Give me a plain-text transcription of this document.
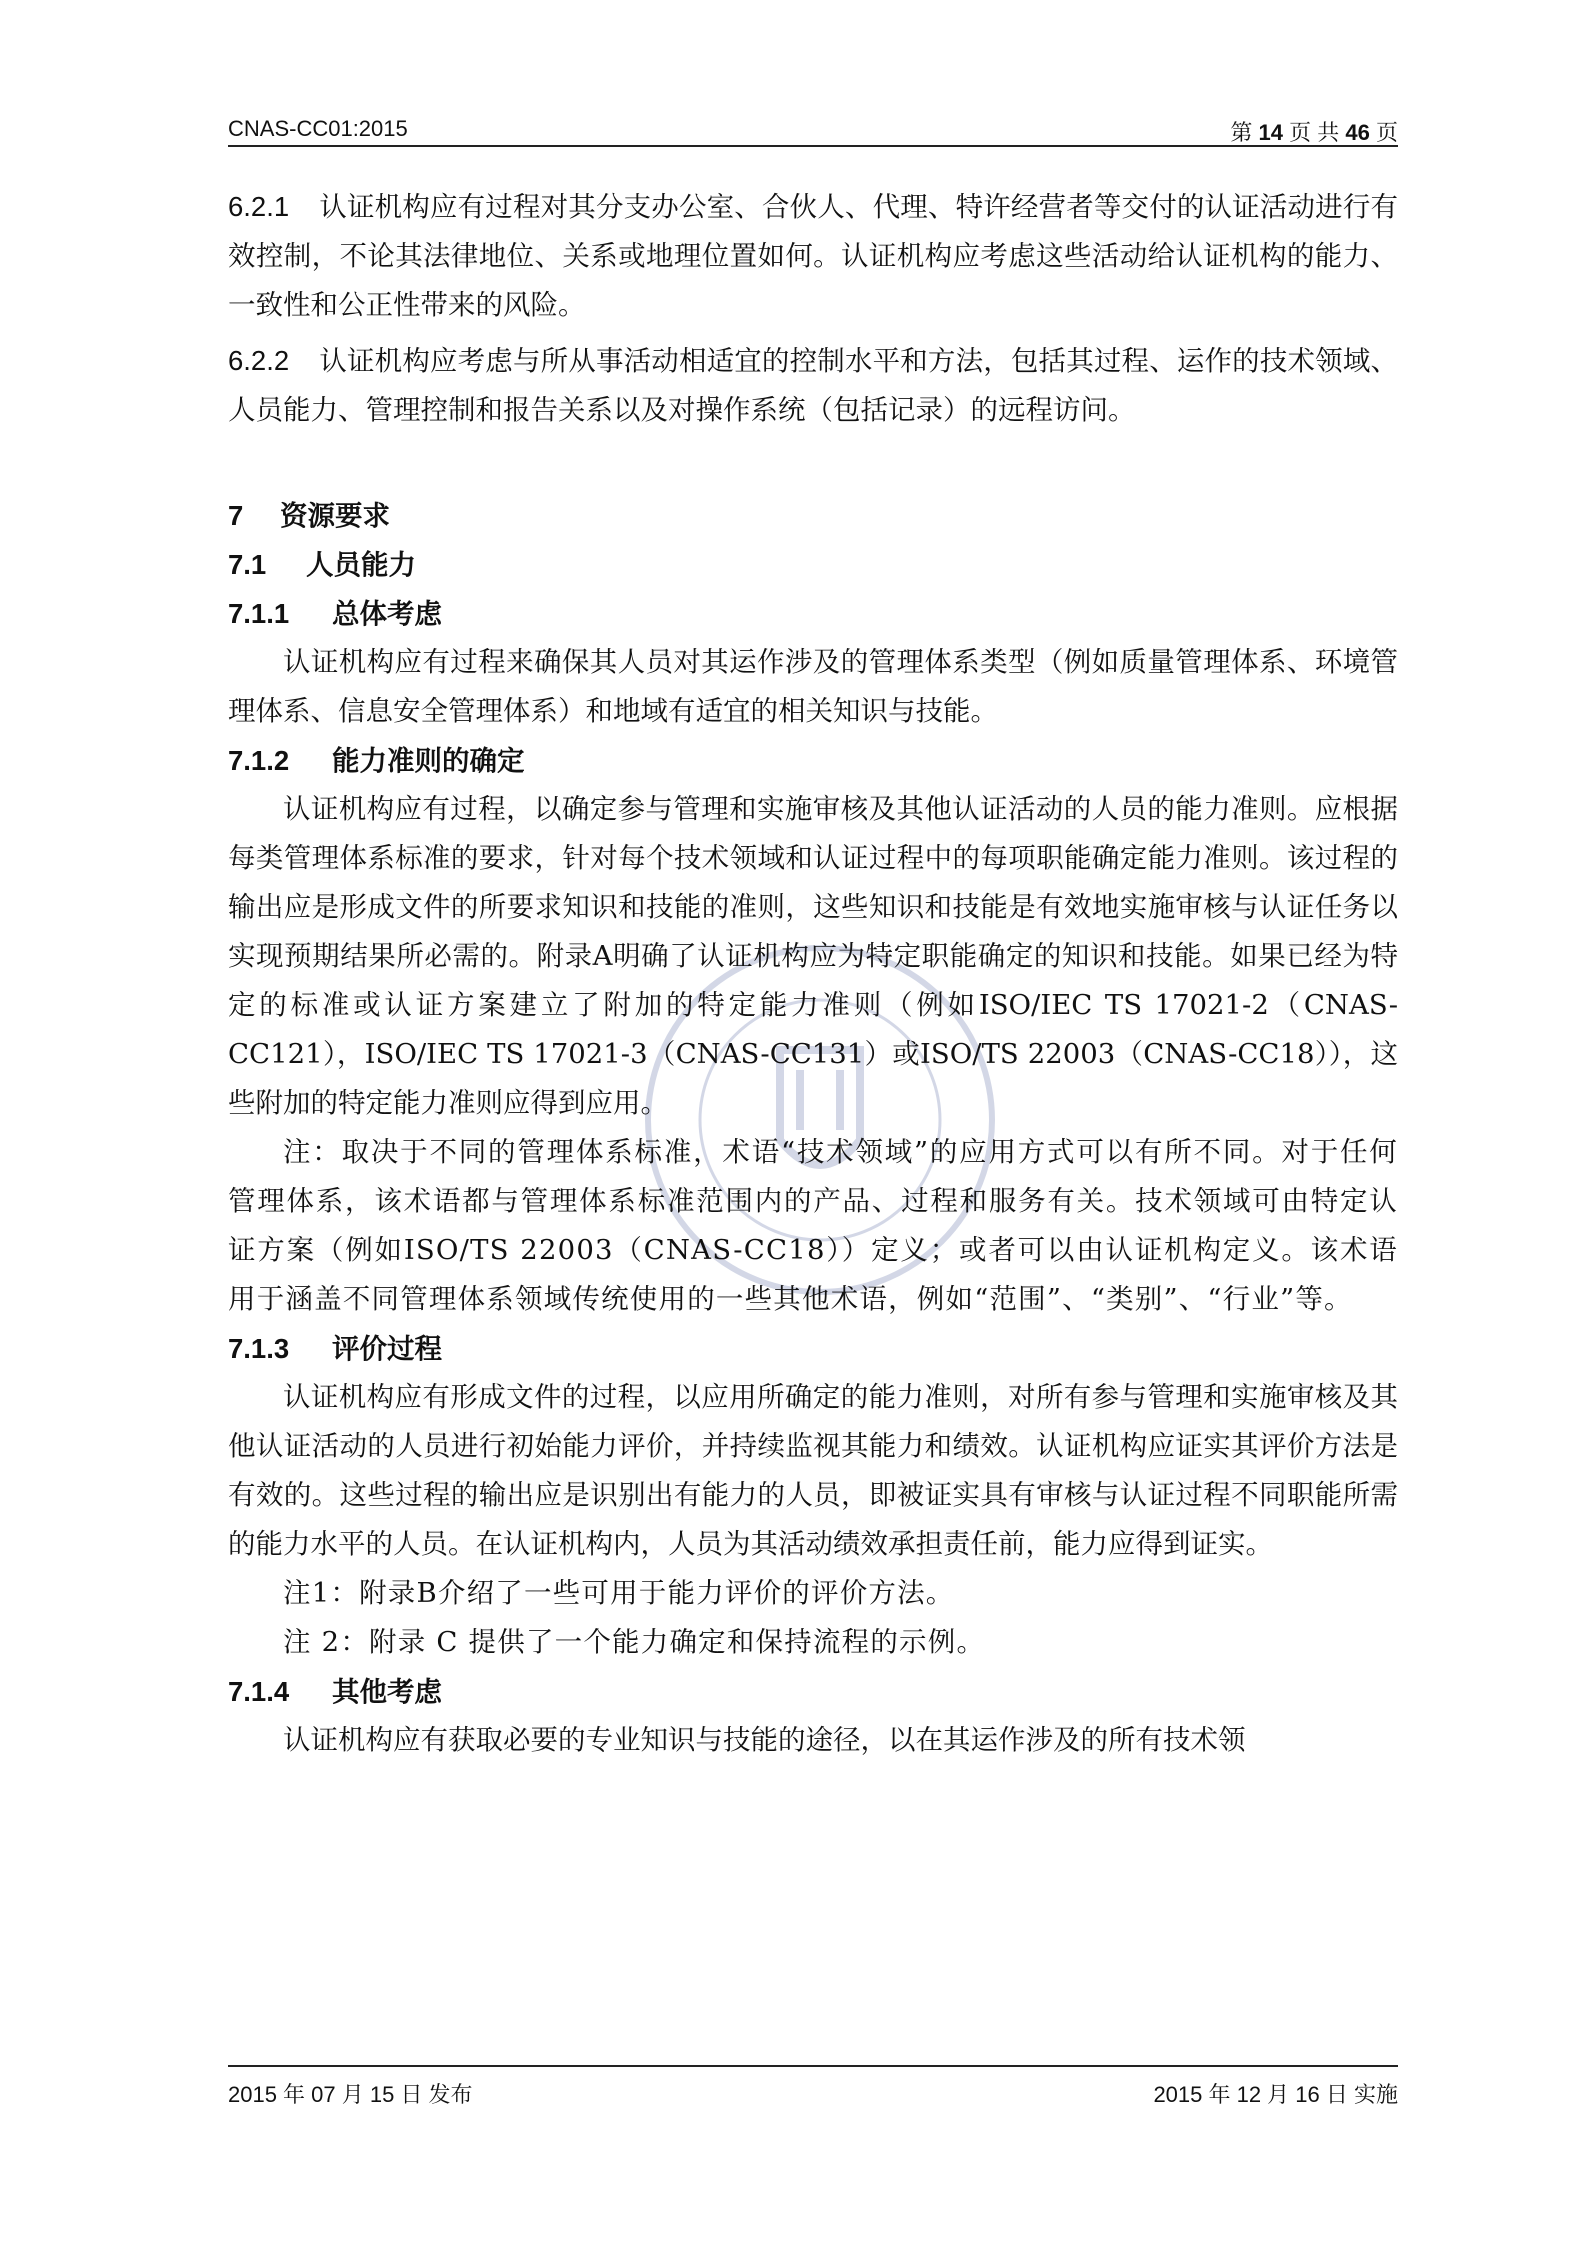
CNAS-CC01:2015	第 14 页 共 46 页

6.2.1 认证机构应有过程对其分支办公室、合伙人、代理、特许经营者等交付的认证活动进行有效控制，不论其法律地位、关系或地理位置如何。认证机构应考虑这些活动给认证机构的能力、一致性和公正性带来的风险。

6.2.2 认证机构应考虑与所从事活动相适宜的控制水平和方法，包括其过程、运作的技术领域、人员能力、管理控制和报告关系以及对操作系统（包括记录）的远程访问。

7 资源要求
7.1 人员能力
7.1.1 总体考虑

认证机构应有过程来确保其人员对其运作涉及的管理体系类型（例如质量管理体系、环境管理体系、信息安全管理体系）和地域有适宜的相关知识与技能。

7.1.2 能力准则的确定

认证机构应有过程，以确定参与管理和实施审核及其他认证活动的人员的能力准则。应根据每类管理体系标准的要求，针对每个技术领域和认证过程中的每项职能确定能力准则。该过程的输出应是形成文件的所要求知识和技能的准则，这些知识和技能是有效地实施审核与认证任务以实现预期结果所必需的。附录A明确了认证机构应为特定职能确定的知识和技能。如果已经为特定的标准或认证方案建立了附加的特定能力准则（例如ISO/IEC TS 17021-2（CNAS-CC121），ISO/IEC TS 17021-3（CNAS-CC131）或ISO/TS 22003（CNAS-CC18）），这些附加的特定能力准则应得到应用。

注：取决于不同的管理体系标准，术语“技术领域”的应用方式可以有所不同。对于任何管理体系，该术语都与管理体系标准范围内的产品、过程和服务有关。技术领域可由特定认证方案（例如ISO/TS 22003（CNAS-CC18））定义；或者可以由认证机构定义。该术语用于涵盖不同管理体系领域传统使用的一些其他术语，例如“范围”、“类别”、“行业”等。

7.1.3 评价过程

认证机构应有形成文件的过程，以应用所确定的能力准则，对所有参与管理和实施审核及其他认证活动的人员进行初始能力评价，并持续监视其能力和绩效。认证机构应证实其评价方法是有效的。这些过程的输出应是识别出有能力的人员，即被证实具有审核与认证过程不同职能所需的能力水平的人员。在认证机构内，人员为其活动绩效承担责任前，能力应得到证实。

注1：附录B介绍了一些可用于能力评价的评价方法。

注 2：附录 C 提供了一个能力确定和保持流程的示例。

7.1.4 其他考虑

认证机构应有获取必要的专业知识与技能的途径，以在其运作涉及的所有技术领

2015 年 07 月 15 日 发布	2015 年 12 月 16 日 实施
